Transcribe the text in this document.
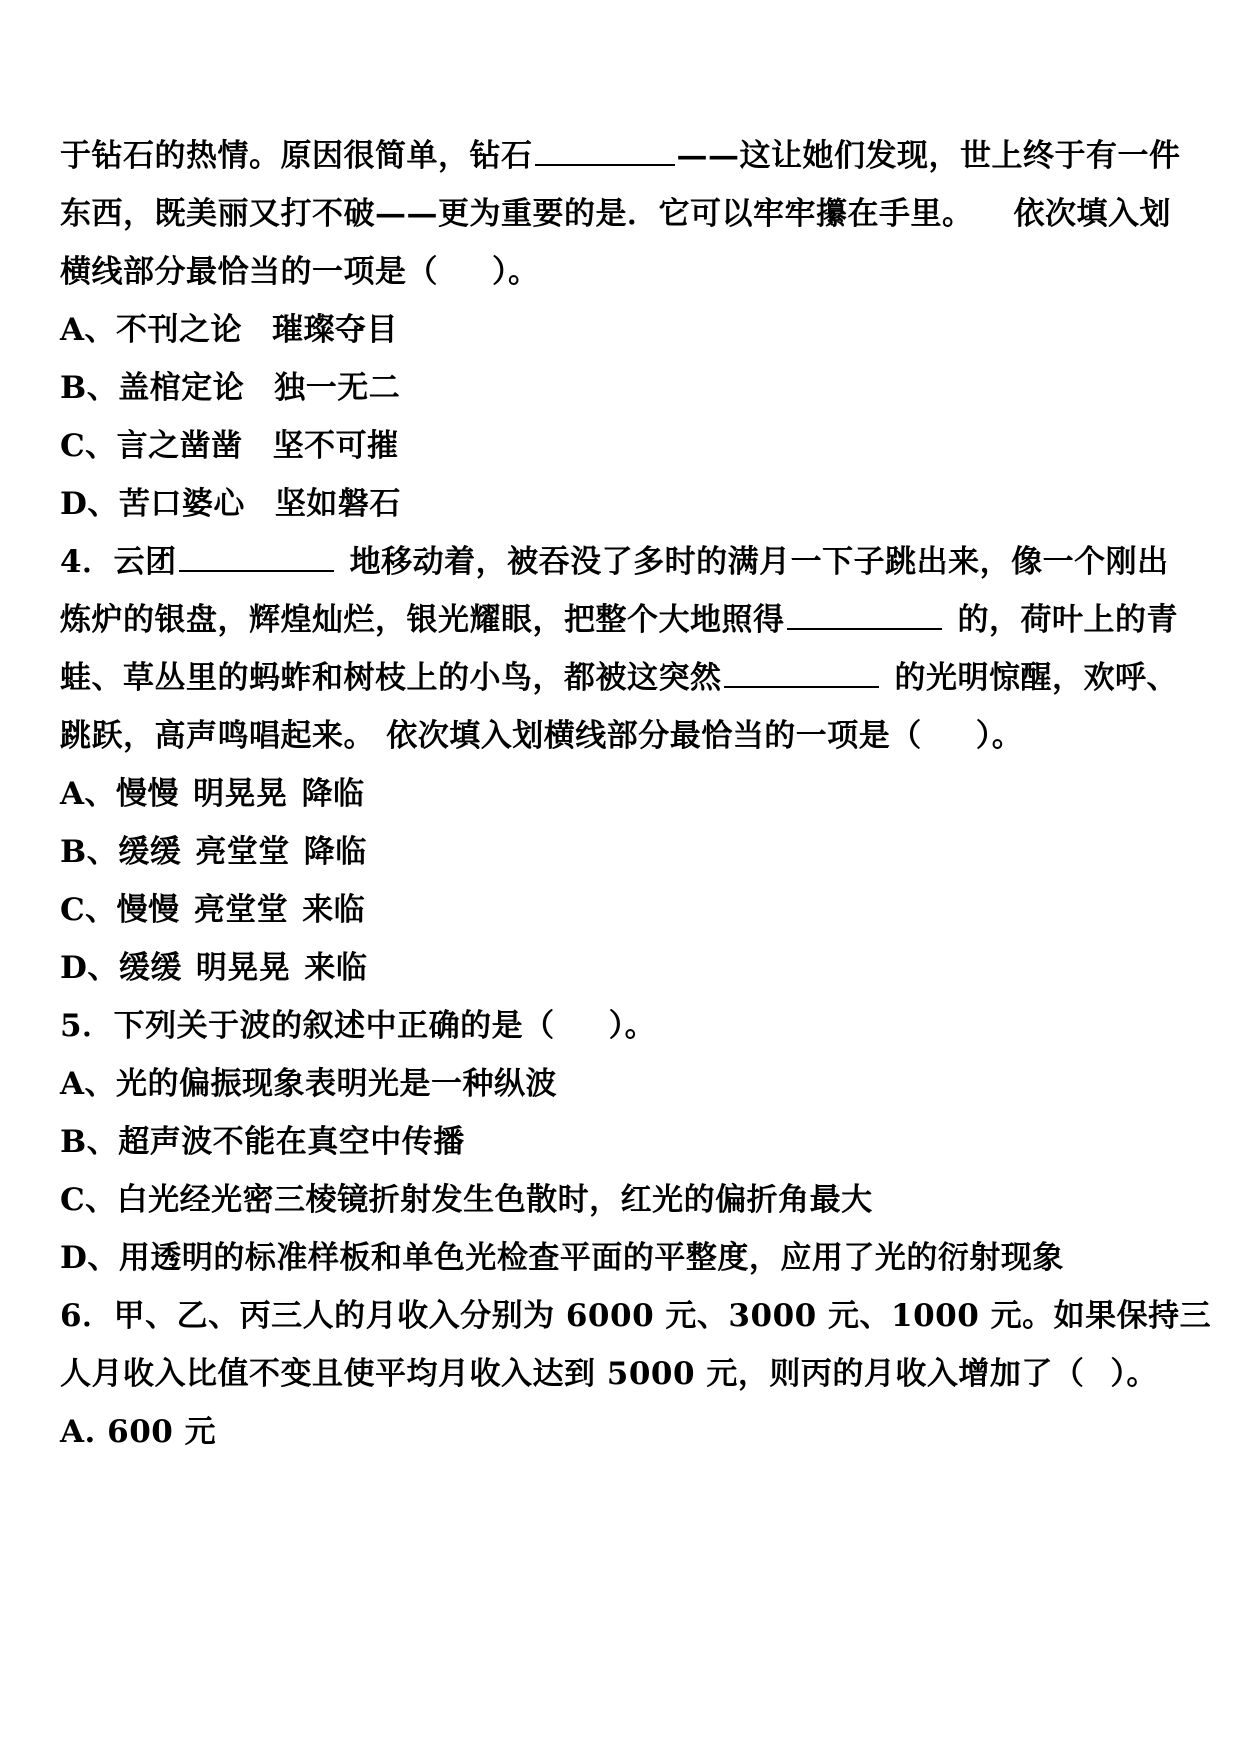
于钻石的热情。原因很简单，钻石	——这让她们发现，世上终于有一件
东西，既美丽又打不破——更为重要的是．它可以牢牢攥在手里。 依次填入划
横线部分最恰当的一项是（ ）。
A、不刊之论 璀璨夺目
B、盖棺定论 独一无二
C、言之凿凿 坚不可摧
D、苦口婆心 坚如磐石
4．云团	地移动着，被吞没了多时的满月一下子跳出来，像一个刚出
炼炉的银盘，辉煌灿烂，银光耀眼，把整个大地照得	的，荷叶上的青
蛙、草丛里的蚂蚱和树枝上的小鸟，都被这突然	的光明惊醒，欢呼、
跳跃，高声鸣唱起来。 依次填入划横线部分最恰当的一项是（ ）。
A、慢慢 明晃晃 降临
B、缓缓 亮堂堂 降临
C、慢慢 亮堂堂 来临
D、缓缓 明晃晃 来临
5．下列关于波的叙述中正确的是（ ）。
A、光的偏振现象表明光是一种纵波
B、超声波不能在真空中传播
C、白光经光密三棱镜折射发生色散时，红光的偏折角最大
D、用透明的标准样板和单色光检查平面的平整度，应用了光的衍射现象
6．甲、乙、丙三人的月收入分别为 6000 元、3000 元、1000 元。如果保持三
人月收入比值不变且使平均月收入达到 5000 元，则丙的月收入增加了（ ）。
A. 600 元
